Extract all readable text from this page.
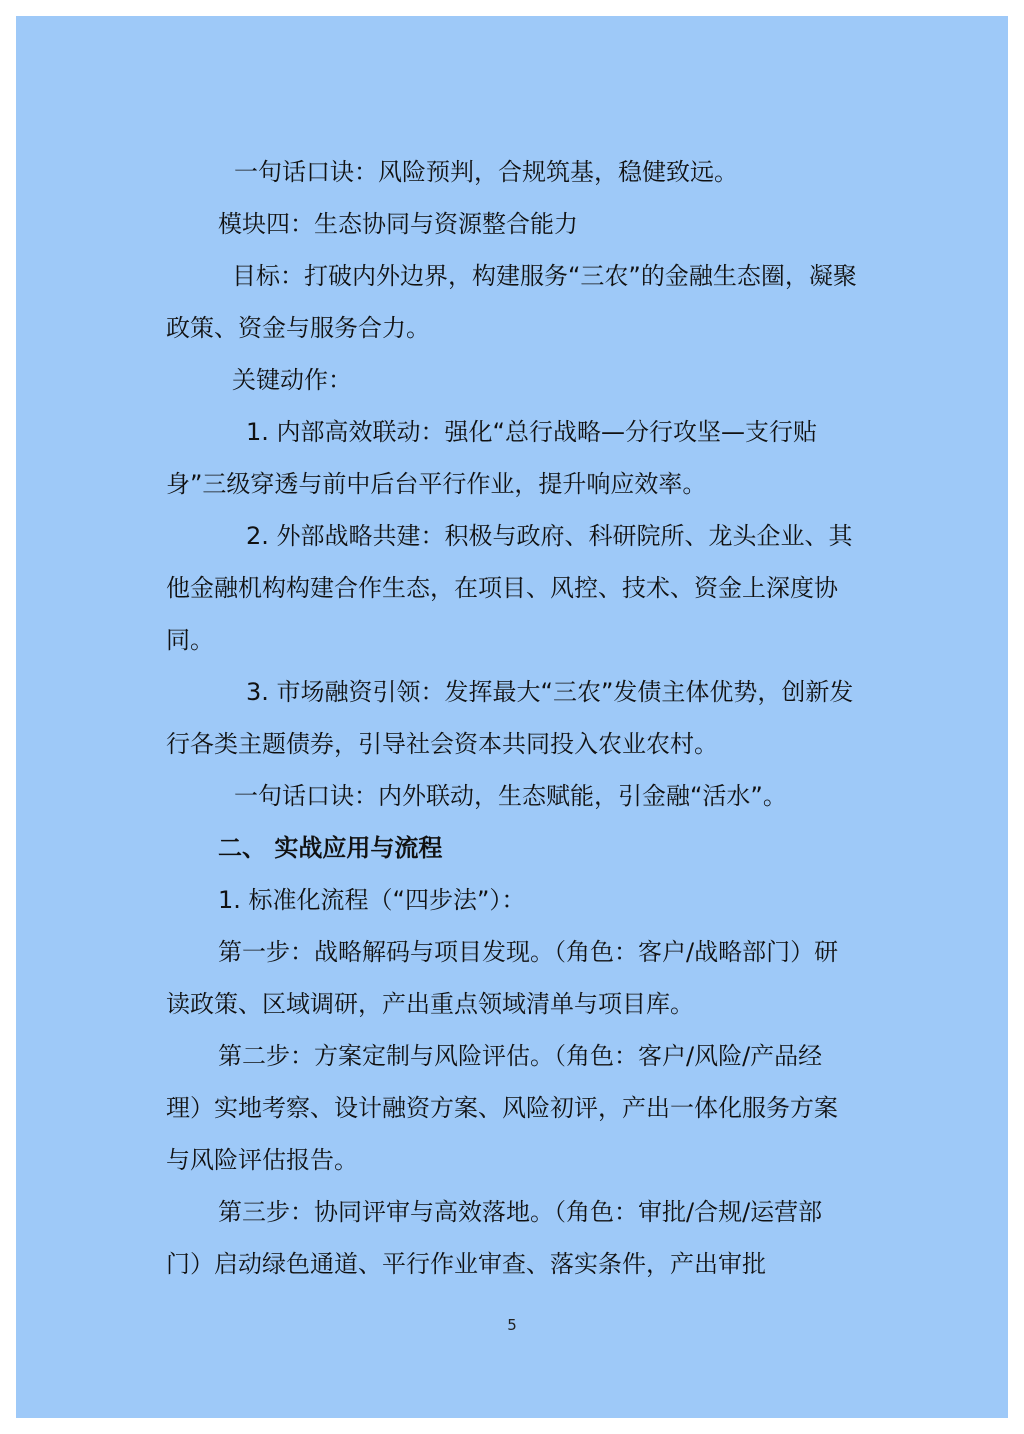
一句话口诀：风险预判，合规筑基，稳健致远。

模块四：生态协同与资源整合能力

目标：打破内外边界，构建服务“三农”的金融生态圈，凝聚政策、资金与服务合力。

关键动作：

1. 内部高效联动：强化“总行战略—分行攻坚—支行贴身”三级穿透与前中后台平行作业，提升响应效率。

2. 外部战略共建：积极与政府、科研院所、龙头企业、其他金融机构构建合作生态，在项目、风控、技术、资金上深度协同。

3. 市场融资引领：发挥最大“三农”发债主体优势，创新发行各类主题债券，引导社会资本共同投入农业农村。

一句话口诀：内外联动，生态赋能，引金融“活水”。

二、 实战应用与流程

1. 标准化流程（“四步法”）：

第一步：战略解码与项目发现。（角色：客户/战略部门）研读政策、区域调研，产出重点领域清单与项目库。

第二步：方案定制与风险评估。（角色：客户/风险/产品经理）实地考察、设计融资方案、风险初评，产出一体化服务方案与风险评估报告。

第三步：协同评审与高效落地。（角色：审批/合规/运营部门）启动绿色通道、平行作业审查、落实条件，产出审批

5
